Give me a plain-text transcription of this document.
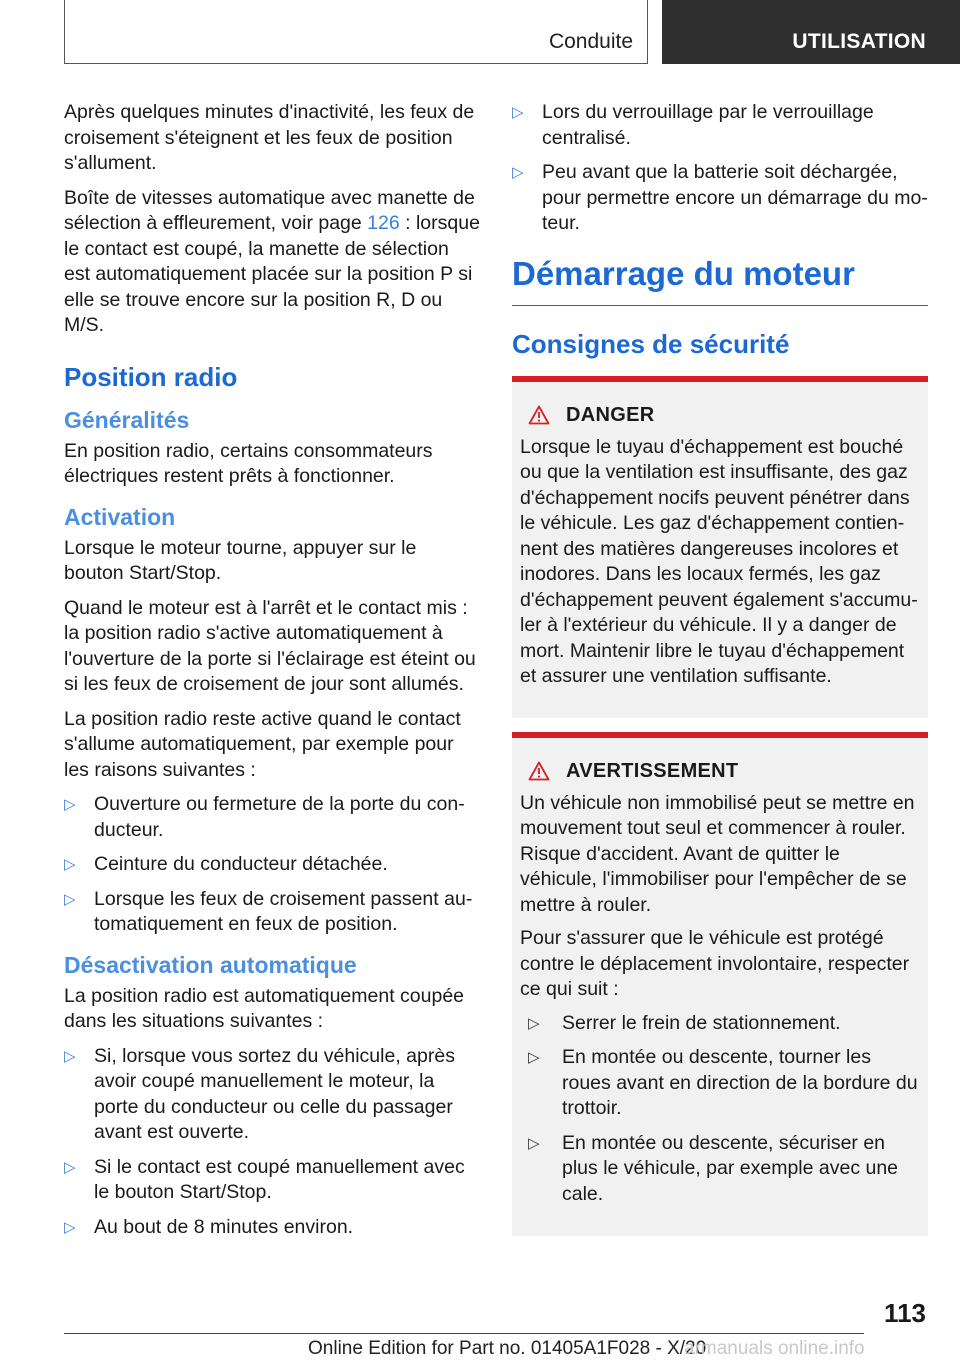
Conduite	UTILISATION

Après quelques minutes d'inactivité, les feux de croisement s'éteignent et les feux de position s'allument.

Boîte de vitesses automatique avec manette de sélection à effleurement, voir page 126 : lorsque le contact est coupé, la manette de sélection est automatiquement placée sur la position P si elle se trouve encore sur la position R, D ou M/S.

Position radio
Généralités

En position radio, certains consommateurs électriques restent prêts à fonctionner.

Activation

Lorsque le moteur tourne, appuyer sur le bouton Start/Stop.

Quand le moteur est à l'arrêt et le contact mis : la position radio s'active automatiquement à l'ouverture de la porte si l'éclairage est éteint ou si les feux de croisement de jour sont allumés.

La position radio reste active quand le contact s'allume automatiquement, par exemple pour les raisons suivantes :

▷ Ouverture ou fermeture de la porte du conducteur.
▷ Ceinture du conducteur détachée.
▷ Lorsque les feux de croisement passent automatiquement en feux de position.
Désactivation automatique

La position radio est automatiquement coupée dans les situations suivantes :

▷ Si, lorsque vous sortez du véhicule, après avoir coupé manuellement le moteur, la porte du conducteur ou celle du passager avant est ouverte.
▷ Si le contact est coupé manuellement avec le bouton Start/Stop.
▷ Au bout de 8 minutes environ.
▷ Lors du verrouillage par le verrouillage centralisé.
▷ Peu avant que la batterie soit déchargée, pour permettre encore un démarrage du moteur.
Démarrage du moteur
Consignes de sécurité
DANGER

Lorsque le tuyau d'échappement est bouché ou que la ventilation est insuffisante, des gaz d'échappement nocifs peuvent pénétrer dans le véhicule. Les gaz d'échappement contiennent des matières dangereuses incolores et inodores. Dans les locaux fermés, les gaz d'échappement peuvent également s'accumuler à l'extérieur du véhicule. Il y a danger de mort. Maintenir libre le tuyau d'échappement et assurer une ventilation suffisante.

AVERTISSEMENT

Un véhicule non immobilisé peut se mettre en mouvement tout seul et commencer à rouler. Risque d'accident. Avant de quitter le véhicule, l'immobiliser pour l'empêcher de se mettre à rouler.

Pour s'assurer que le véhicule est protégé contre le déplacement involontaire, respecter ce qui suit :

▷ Serrer le frein de stationnement.
▷ En montée ou descente, tourner les roues avant en direction de la bordure du trottoir.
▷ En montée ou descente, sécuriser en plus le véhicule, par exemple avec une cale.
113
Online Edition for Part no. 01405A1F028 - X/20
armanuals online.info
